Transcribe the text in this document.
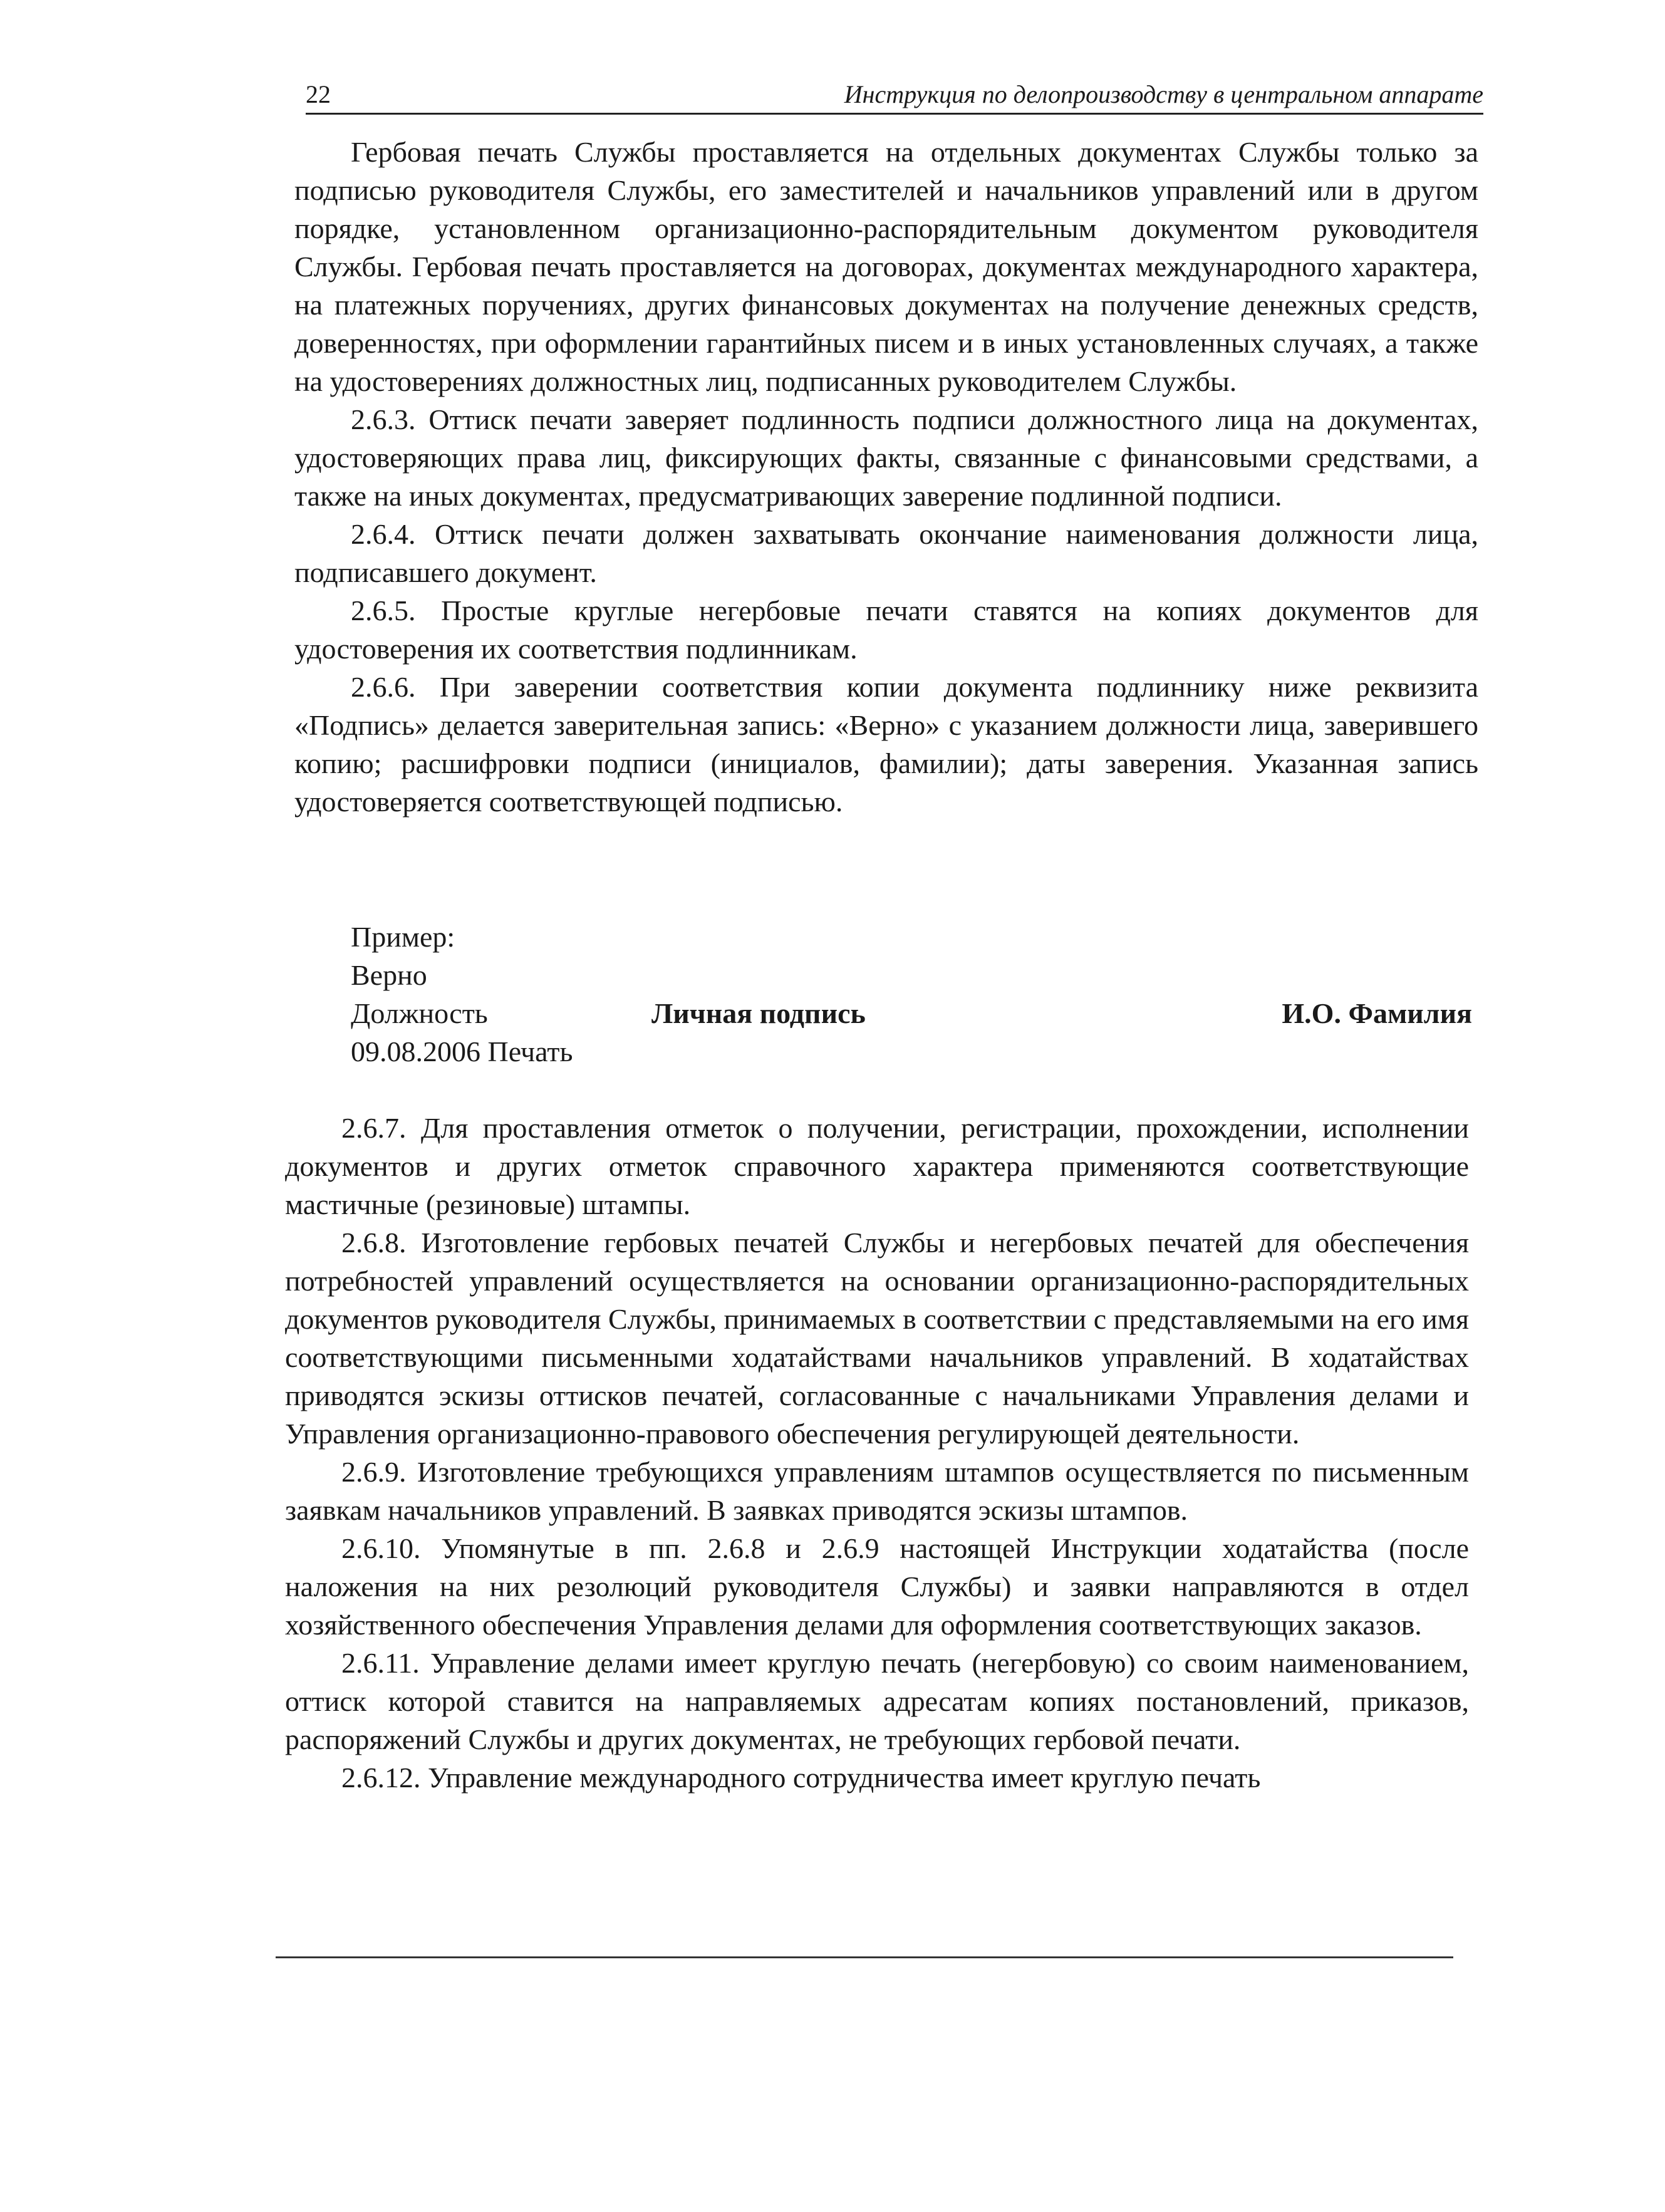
22	Инструкция по делопроизводству в центральном аппарате

Гербовая печать Службы проставляется на отдельных документах Службы только за подписью руководителя Службы, его заместителей и начальников управлений или в другом порядке, установленном организационно-распорядительным документом руководителя Службы. Гербовая печать проставляется на договорах, документах международного характера, на платежных поручениях, других финансовых документах на получение денежных средств, доверенностях, при оформлении гарантийных писем и в иных установленных случаях, а также на удостоверениях должностных лиц, подписанных руководителем Службы.

2.6.3. Оттиск печати заверяет подлинность подписи должностного лица на документах, удостоверяющих права лиц, фиксирующих факты, связанные с финансовыми средствами, а также на иных документах, предусматривающих заверение подлинной подписи.

2.6.4. Оттиск печати должен захватывать окончание наименования должности лица, подписавшего документ.

2.6.5. Простые круглые негербовые печати ставятся на копиях документов для удостоверения их соответствия подлинникам.

2.6.6. При заверении соответствия копии документа подлиннику ниже реквизита «Подпись» делается заверительная запись: «Верно» с указанием должности лица, заверившего копию; расшифровки подписи (инициалов, фамилии); даты заверения. Указанная запись удостоверяется соответствующей подписью.

Пример:
Верно
Должность	Личная подпись	И.О. Фамилия
09.08.2006 Печать

2.6.7. Для проставления отметок о получении, регистрации, прохождении, исполнении документов и других отметок справочного характера применяются соответствующие мастичные (резиновые) штампы.

2.6.8. Изготовление гербовых печатей Службы и негербовых печатей для обеспечения потребностей управлений осуществляется на основании организационно-распорядительных документов руководителя Службы, принимаемых в соответствии с представляемыми на его имя соответствующими письменными ходатайствами начальников управлений. В ходатайствах приводятся эскизы оттисков печатей, согласованные с начальниками Управления делами и Управления организационно-правового обеспечения регулирующей деятельности.

2.6.9. Изготовление требующихся управлениям штампов осуществляется по письменным заявкам начальников управлений. В заявках приводятся эскизы штампов.

2.6.10. Упомянутые в пп. 2.6.8 и 2.6.9 настоящей Инструкции ходатайства (после наложения на них резолюций руководителя Службы) и заявки направляются в отдел хозяйственного обеспечения Управления делами для оформления соответствующих заказов.

2.6.11. Управление делами имеет круглую печать (негербовую) со своим наименованием, оттиск которой ставится на направляемых адресатам копиях постановлений, приказов, распоряжений Службы и других документах, не требующих гербовой печати.

2.6.12. Управление международного сотрудничества имеет круглую печать
